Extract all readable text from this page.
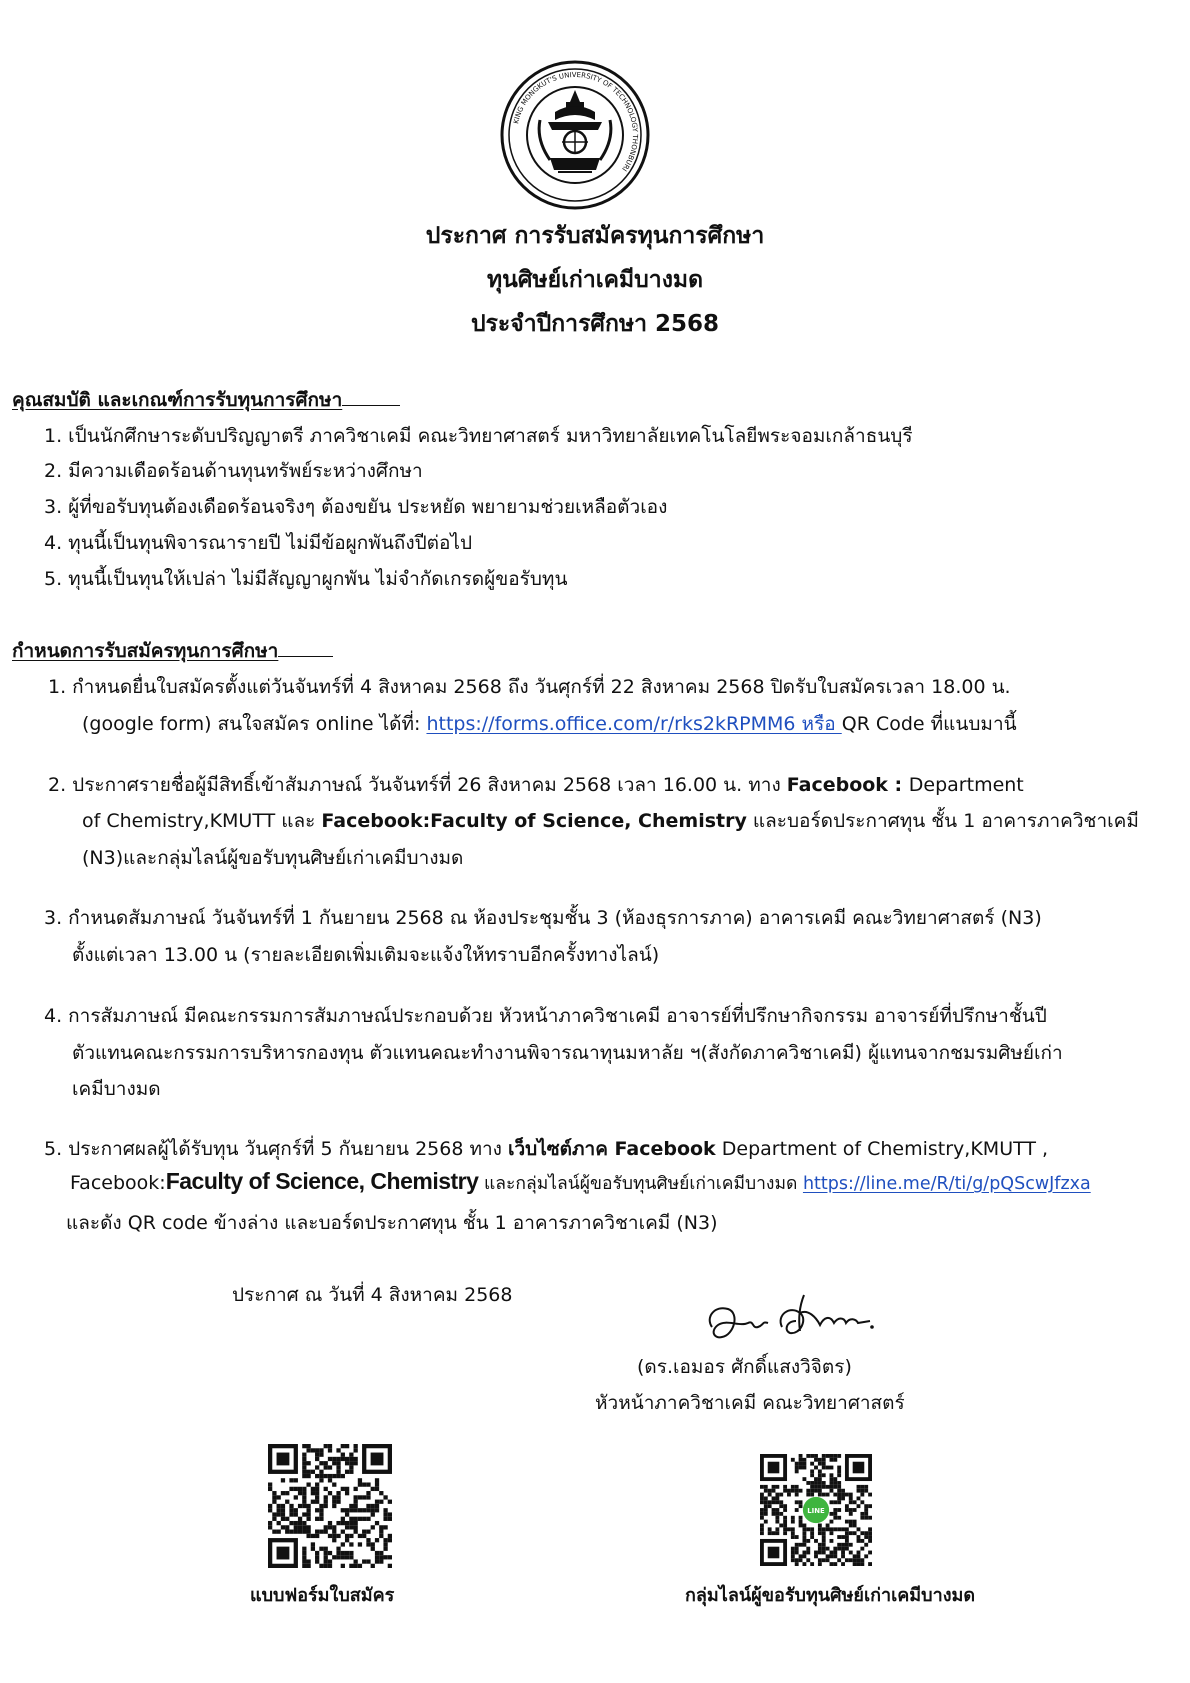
KING MONGKUT'S UNIVERSITY OF TECHNOLOGY THONBURI
ประกาศ การรับสมัครทุนการศึกษา
ทุนศิษย์เก่าเคมีบางมด
ประจำปีการศึกษา 2568
คุณสมบัติ และเกณฑ์การรับทุนการศึกษา
1. เป็นนักศึกษาระดับปริญญาตรี ภาควิชาเคมี คณะวิทยาศาสตร์ มหาวิทยาลัยเทคโนโลยีพระจอมเกล้าธนบุรี
2. มีความเดือดร้อนด้านทุนทรัพย์ระหว่างศึกษา
3. ผู้ที่ขอรับทุนต้องเดือดร้อนจริงๆ ต้องขยัน ประหยัด พยายามช่วยเหลือตัวเอง
4. ทุนนี้เป็นทุนพิจารณารายปี ไม่มีข้อผูกพันถึงปีต่อไป
5. ทุนนี้เป็นทุนให้เปล่า ไม่มีสัญญาผูกพัน ไม่จำกัดเกรดผู้ขอรับทุน
กำหนดการรับสมัครทุนการศึกษา
1. กำหนดยื่นใบสมัครตั้งแต่วันจันทร์ที่ 4 สิงหาคม 2568 ถึง วันศุกร์ที่ 22 สิงหาคม 2568 ปิดรับใบสมัครเวลา 18.00 น.
(google form) สนใจสมัคร online ได้ที่: https://forms.office.com/r/rks2kRPMM6 หรือ QR Code ที่แนบมานี้
2. ประกาศรายชื่อผู้มีสิทธิ์เข้าสัมภาษณ์ วันจันทร์ที่ 26 สิงหาคม 2568 เวลา 16.00 น. ทาง Facebook : Department
of Chemistry,KMUTT และ Facebook:Faculty of Science, Chemistry และบอร์ดประกาศทุน ชั้น 1 อาคารภาควิชาเคมี
(N3)และกลุ่มไลน์ผู้ขอรับทุนศิษย์เก่าเคมีบางมด
3. กำหนดสัมภาษณ์ วันจันทร์ที่ 1 กันยายน 2568 ณ ห้องประชุมชั้น 3 (ห้องธุรการภาค) อาคารเคมี คณะวิทยาศาสตร์ (N3)
ตั้งแต่เวลา 13.00 น (รายละเอียดเพิ่มเติมจะแจ้งให้ทราบอีกครั้งทางไลน์)
4. การสัมภาษณ์ มีคณะกรรมการสัมภาษณ์ประกอบด้วย หัวหน้าภาควิชาเคมี อาจารย์ที่ปรึกษากิจกรรม อาจารย์ที่ปรึกษาชั้นปี
ตัวแทนคณะกรรมการบริหารกองทุน ตัวแทนคณะทำงานพิจารณาทุนมหาลัย ฯ(สังกัดภาควิชาเคมี) ผู้แทนจากชมรมศิษย์เก่า
เคมีบางมด
5. ประกาศผลผู้ได้รับทุน วันศุกร์ที่ 5 กันยายน 2568 ทาง เว็บไซต์ภาค Facebook Department of Chemistry,KMUTT ,
Facebook:Faculty of Science, Chemistry และกลุ่มไลน์ผู้ขอรับทุนศิษย์เก่าเคมีบางมด https://line.me/R/ti/g/pQScwJfzxa
และดัง QR code ข้างล่าง และบอร์ดประกาศทุน ชั้น 1 อาคารภาควิชาเคมี (N3)
ประกาศ ณ วันที่ 4 สิงหาคม 2568
(ดร.เอมอร ศักดิ์แสงวิจิตร)
หัวหน้าภาควิชาเคมี คณะวิทยาศาสตร์
แบบฟอร์มใบสมัคร
LINE
กลุ่มไลน์ผู้ขอรับทุนศิษย์เก่าเคมีบางมด
